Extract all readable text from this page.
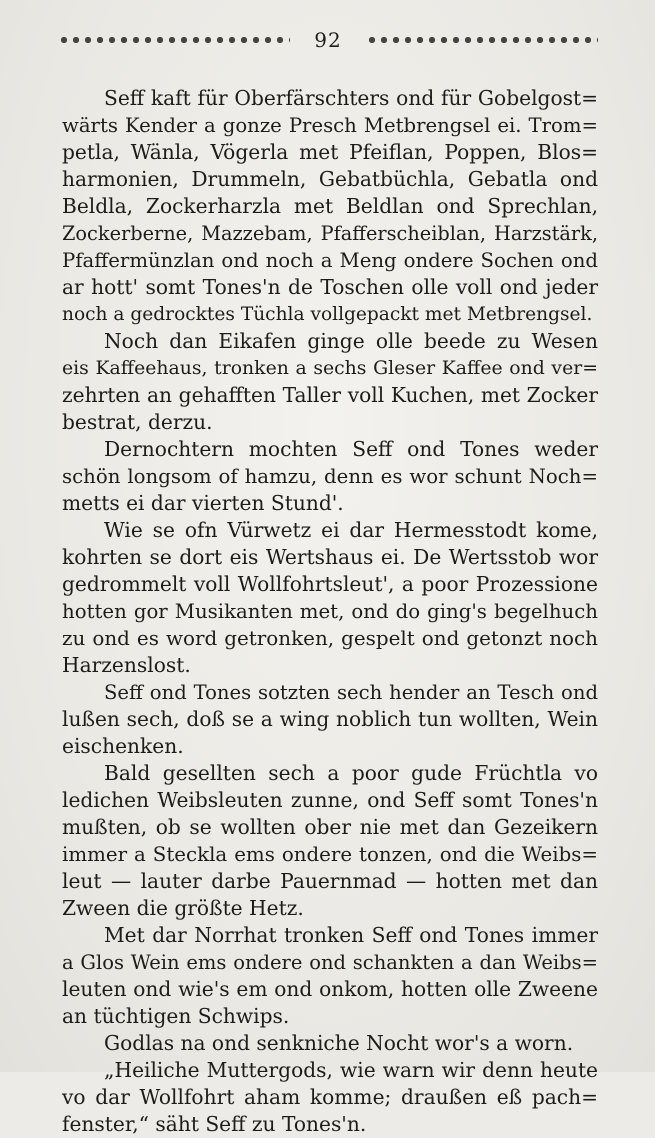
92
Seff kaft für Oberfärschters ond für Gobelgost=
wärts Kender a gonze Presch Metbrengsel ei. Trom=
petla, Wänla, Vögerla met Pfeiflan, Poppen, Blos=
harmonien, Drummeln, Gebatbüchla, Gebatla ond
Beldla, Zockerharzla met Beldlan ond Sprechlan,
Zockerberne, Mazzebam, Pfafferscheiblan, Harzstärk,
Pfaffermünzlan ond noch a Meng ondere Sochen ond
ar hott' somt Tones'n de Toschen olle voll ond jeder
noch a gedrocktes Tüchla vollgepackt met Metbrengsel.
Noch dan Eikafen ginge olle beede zu Wesen
eis Kaffeehaus, tronken a sechs Gleser Kaffee ond ver=
zehrten an gehafften Taller voll Kuchen, met Zocker
bestrat, derzu.
Dernochtern mochten Seff ond Tones weder
schön longsom of hamzu, denn es wor schunt Noch=
metts ei dar vierten Stund'.
Wie se ofn Vürwetz ei dar Hermesstodt kome,
kohrten se dort eis Wertshaus ei. De Wertsstob wor
gedrommelt voll Wollfohrtsleut', a poor Prozessione
hotten gor Musikanten met, ond do ging's begelhuch
zu ond es word getronken, gespelt ond getonzt noch
Harzenslost.
Seff ond Tones sotzten sech hender an Tesch ond
lußen sech, doß se a wing noblich tun wollten, Wein
eischenken.
Bald gesellten sech a poor gude Früchtla vo
ledichen Weibsleuten zunne, ond Seff somt Tones'n
mußten, ob se wollten ober nie met dan Gezeikern
immer a Steckla ems ondere tonzen, ond die Weibs=
leut — lauter darbe Pauernmad — hotten met dan
Zween die größte Hetz.
Met dar Norrhat tronken Seff ond Tones immer
a Glos Wein ems ondere ond schankten a dan Weibs=
leuten ond wie's em ond onkom, hotten olle Zweene
an tüchtigen Schwips.
Godlas na ond senkniche Nocht wor's a worn.
„Heiliche Muttergods, wie warn wir denn heute
vo dar Wollfohrt aham komme; draußen eß pach=
fenster,“ säht Seff zu Tones'n.
